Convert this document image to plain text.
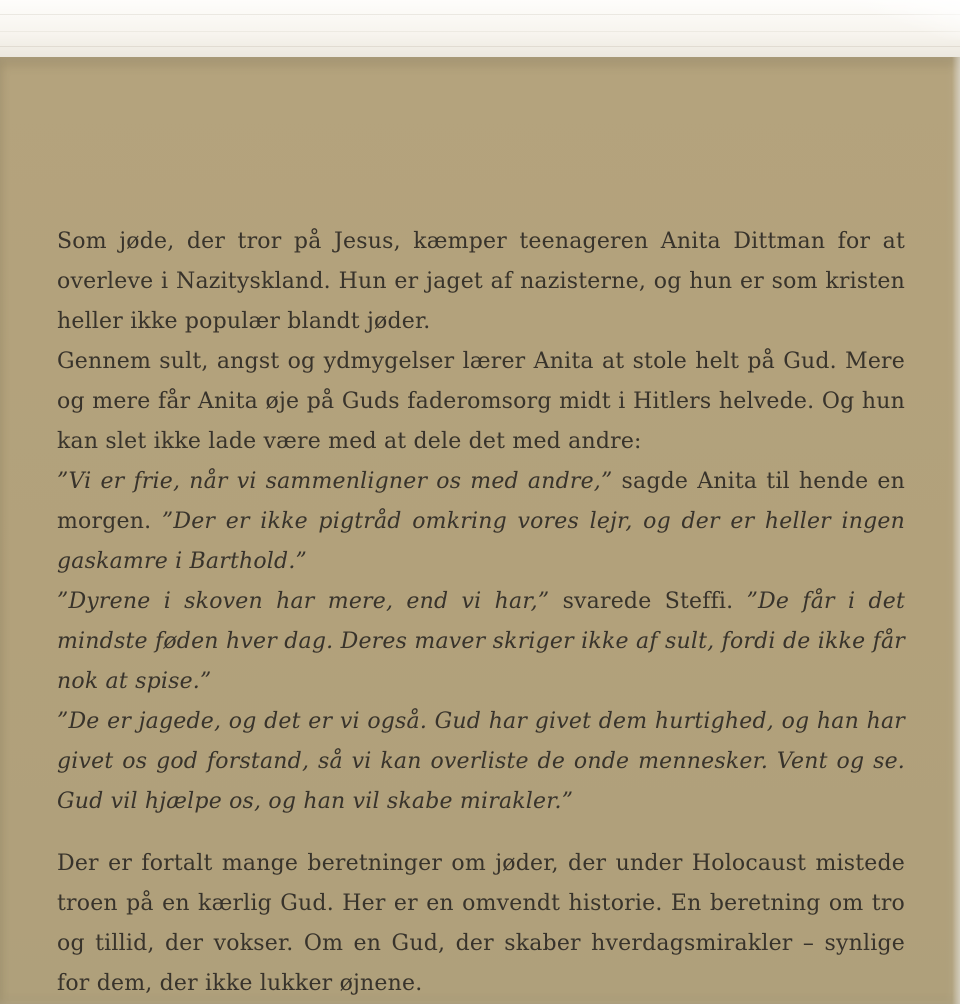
Som jøde, der tror på Jesus, kæmper teenageren Anita Dittman for at overleve i Nazityskland. Hun er jaget af nazisterne, og hun er som kristen heller ikke populær blandt jøder.

Gennem sult, angst og ydmygelser lærer Anita at stole helt på Gud. Mere og mere får Anita øje på Guds faderomsorg midt i Hitlers helvede. Og hun kan slet ikke lade være med at dele det med andre:

”Vi er frie, når vi sammenligner os med andre,” sagde Anita til hende en morgen. ”Der er ikke pigtråd omkring vores lejr, og der er heller ingen gaskamre i Barthold.”

”Dyrene i skoven har mere, end vi har,” svarede Steffi. ”De får i det mindste føden hver dag. Deres maver skriger ikke af sult, fordi de ikke får nok at spise.”

”De er jagede, og det er vi også. Gud har givet dem hurtighed, og han har givet os god forstand, så vi kan overliste de onde mennesker. Vent og se. Gud vil hjælpe os, og han vil skabe mirakler.”

Der er fortalt mange beretninger om jøder, der under Holocaust mistede troen på en kærlig Gud. Her er en omvendt historie. En beretning om tro og tillid, der vokser. Om en Gud, der skaber hverdagsmirakler – synlige for dem, der ikke lukker øjnene.
